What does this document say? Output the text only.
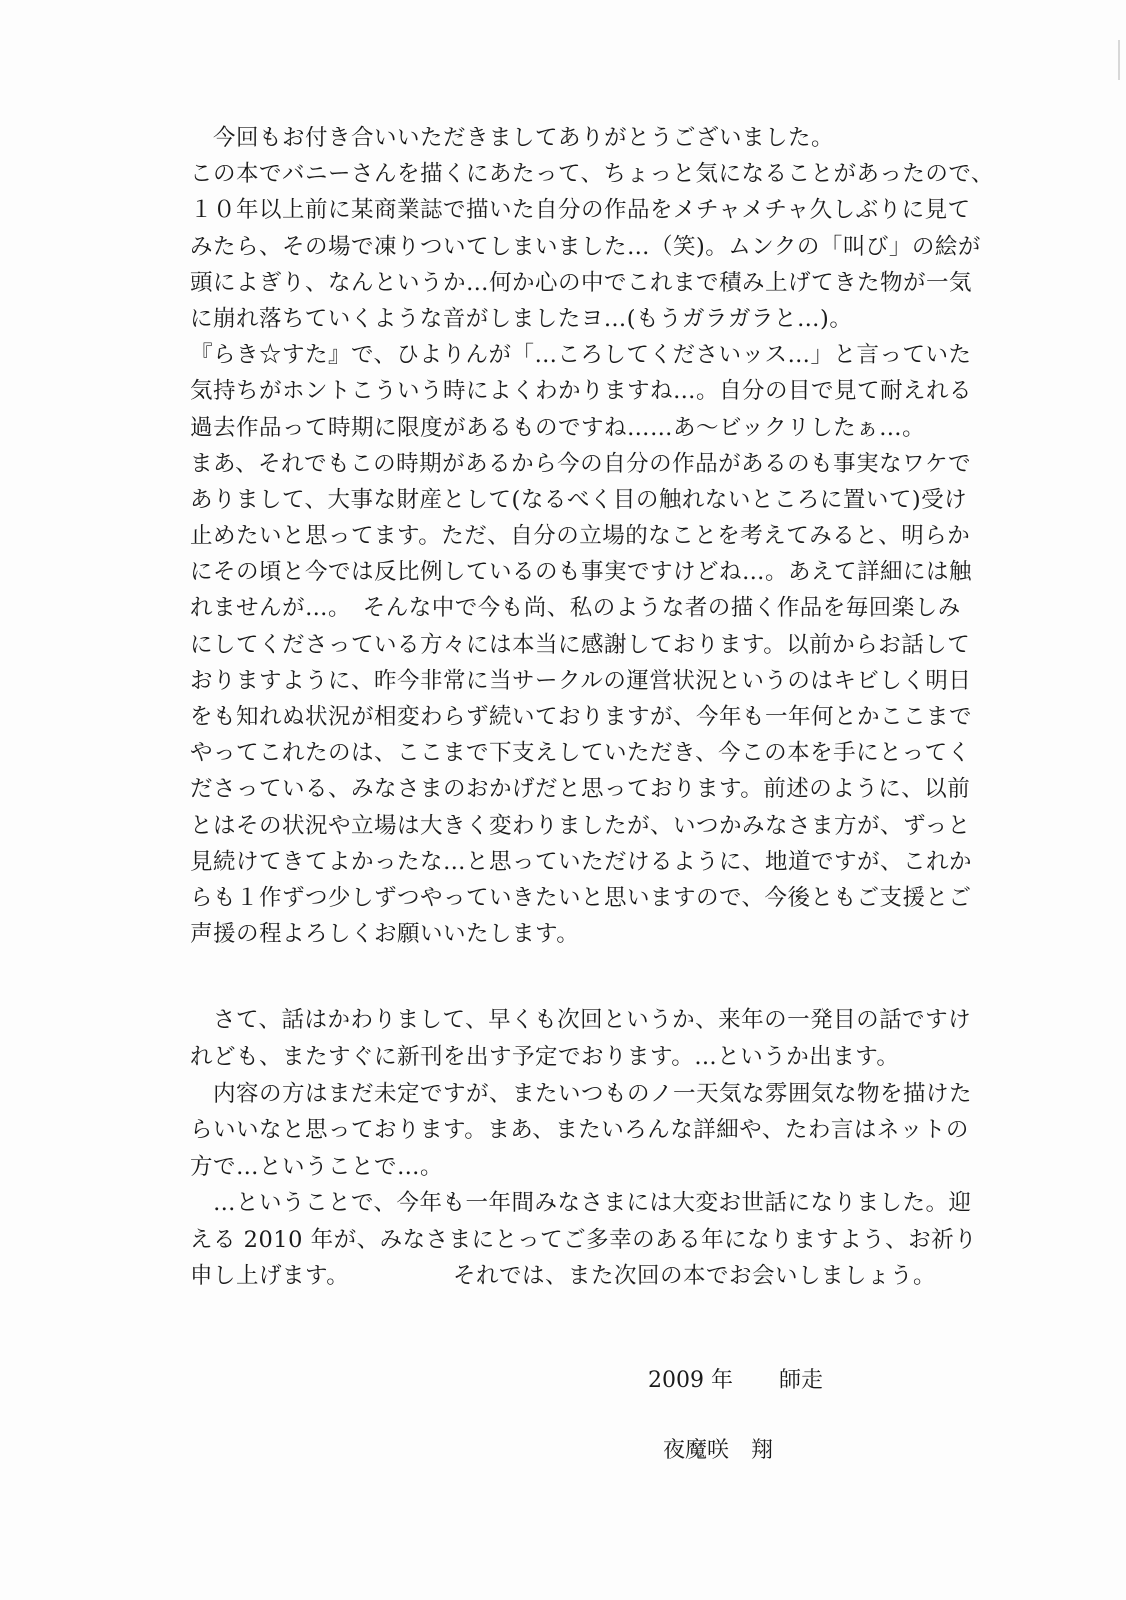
　今回もお付き合いいただきましてありがとうございました。
この本でバニーさんを描くにあたって、ちょっと気になることがあったので、
１０年以上前に某商業誌で描いた自分の作品をメチャメチャ久しぶりに見て
みたら、その場で凍りついてしまいました…（笑)。ムンクの「叫び」の絵が
頭によぎり、なんというか…何か心の中でこれまで積み上げてきた物が一気
に崩れ落ちていくような音がしましたヨ…(もうガラガラと…)。
『らき☆すた』で、ひよりんが「…ころしてくださいッス…」と言っていた
気持ちがホントこういう時によくわかりますね…。自分の目で見て耐えれる
過去作品って時期に限度があるものですね……あ～ビックリしたぁ…。
まあ、それでもこの時期があるから今の自分の作品があるのも事実なワケで
ありまして、大事な財産として(なるべく目の触れないところに置いて)受け
止めたいと思ってます。ただ、自分の立場的なことを考えてみると、明らか
にその頃と今では反比例しているのも事実ですけどね…。あえて詳細には触
れませんが…。　そんな中で今も尚、私のような者の描く作品を毎回楽しみ
にしてくださっている方々には本当に感謝しております。以前からお話して
おりますように、昨今非常に当サークルの運営状況というのはキビしく明日
をも知れぬ状況が相変わらず続いておりますが、今年も一年何とかここまで
やってこれたのは、ここまで下支えしていただき、今この本を手にとってく
ださっている、みなさまのおかげだと思っております。前述のように、以前
とはその状況や立場は大きく変わりましたが、いつかみなさま方が、ずっと
見続けてきてよかったな…と思っていただけるように、地道ですが、これか
らも１作ずつ少しずつやっていきたいと思いますので、今後ともご支援とご
声援の程よろしくお願いいたします。
　さて、話はかわりまして、早くも次回というか、来年の一発目の話ですけ
れども、またすぐに新刊を出す予定でおります。…というか出ます。
　内容の方はまだ未定ですが、またいつものノ一天気な雰囲気な物を描けた
らいいなと思っております。まあ、またいろんな詳細や、たわ言はネットの
方で…ということで…。
　…ということで、今年も一年間みなさまには大変お世話になりました。迎
える 2010 年が、みなさまにとってご多幸のある年になりますよう、お祈り
申し上げます。　　　　　それでは、また次回の本でお会いしましょう。
2009 年 師走
夜魔咲 翔
